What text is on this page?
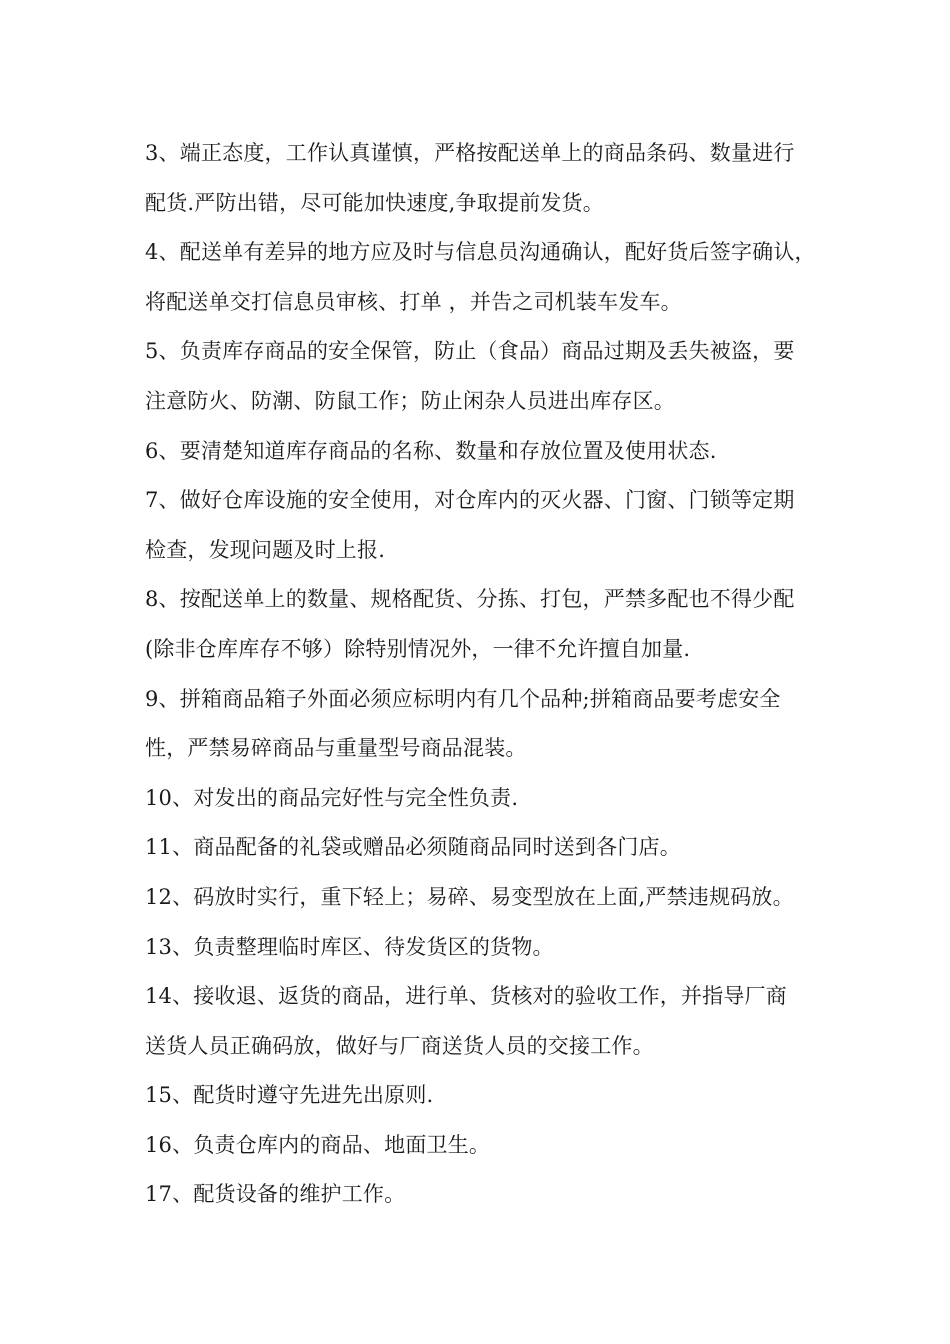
3、端正态度，工作认真谨慎，严格按配送单上的商品条码、数量进行
配货.严防出错，尽可能加快速度,争取提前发货。
4、配送单有差异的地方应及时与信息员沟通确认，配好货后签字确认，
将配送单交打信息员审核、打单 ，并告之司机装车发车。
5、负责库存商品的安全保管，防止（食品）商品过期及丢失被盗，要
注意防火、防潮、防鼠工作；防止闲杂人员进出库存区。
6、要清楚知道库存商品的名称、数量和存放位置及使用状态.
7、做好仓库设施的安全使用，对仓库内的灭火器、门窗、门锁等定期
检查，发现问题及时上报.
8、按配送单上的数量、规格配货、分拣、打包，严禁多配也不得少配
(除非仓库库存不够）除特别情况外，一律不允许擅自加量.
9、拼箱商品箱子外面必须应标明内有几个品种;拼箱商品要考虑安全
性，严禁易碎商品与重量型号商品混装。
10、对发出的商品完好性与完全性负责.
11、商品配备的礼袋或赠品必须随商品同时送到各门店。
12、码放时实行，重下轻上；易碎、易变型放在上面,严禁违规码放。
13、负责整理临时库区、待发货区的货物。
14、接收退、返货的商品，进行单、货核对的验收工作，并指导厂商
送货人员正确码放，做好与厂商送货人员的交接工作。
15、配货时遵守先进先出原则.
16、负责仓库内的商品、地面卫生。
17、配货设备的维护工作。
